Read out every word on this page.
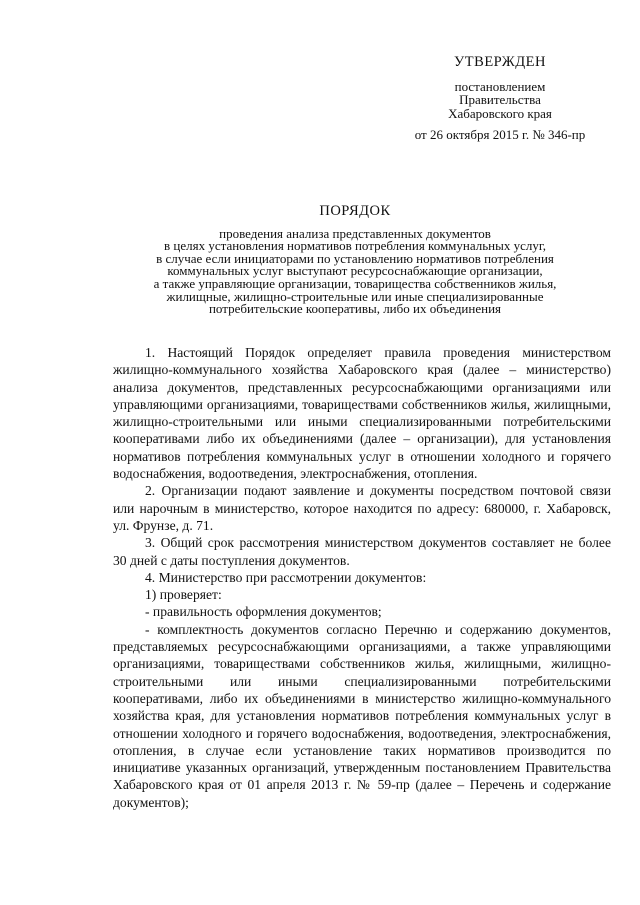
УТВЕРЖДЕН
постановлением
Правительства
Хабаровского края
от 26 октября 2015 г. № 346-пр
ПОРЯДОК
проведения анализа представленных документов
в целях установления нормативов потребления коммунальных услуг,
в случае если инициаторами по установлению нормативов потребления
коммунальных услуг выступают ресурсоснабжающие организации,
а также управляющие организации, товарищества собственников жилья,
жилищные, жилищно-строительные или иные специализированные
потребительские кооперативы, либо их объединения

1. Настоящий Порядок определяет правила проведения министерством жилищно-коммунального хозяйства Хабаровского края (далее – министерство) анализа документов, представленных ресурсоснабжающими организациями или управляющими организациями, товариществами собственников жилья, жилищными, жилищно-строительными или иными специализированными потребительскими кооперативами либо их объединениями (далее – организации), для установления нормативов потребления коммунальных услуг в отношении холодного и горячего водоснабжения, водоотведения, электроснабжения, отопления.

2. Организации подают заявление и документы посредством почтовой связи или нарочным в министерство, которое находится по адресу: 680000, г. Хабаровск, ул. Фрунзе, д. 71.

3. Общий срок рассмотрения министерством документов составляет не более 30 дней с даты поступления документов.

4. Министерство при рассмотрении документов:

1) проверяет:

- правильность оформления документов;

- комплектность документов согласно Перечню и содержанию документов, представляемых ресурсоснабжающими организациями, а также управляющими организациями, товариществами собственников жилья, жилищными, жилищно-строительными или иными специализированными потребительскими кооперативами, либо их объединениями в министерство жилищно-коммунального хозяйства края, для установления нормативов потребления коммунальных услуг в отношении холодного и горячего водоснабжения, водоотведения, электроснабжения, отопления, в случае если установление таких нормативов производится по инициативе указанных организаций, утвержденным постановлением Правительства Хабаровского края от 01 апреля 2013 г. № 59-пр (далее – Перечень и содержание документов);
